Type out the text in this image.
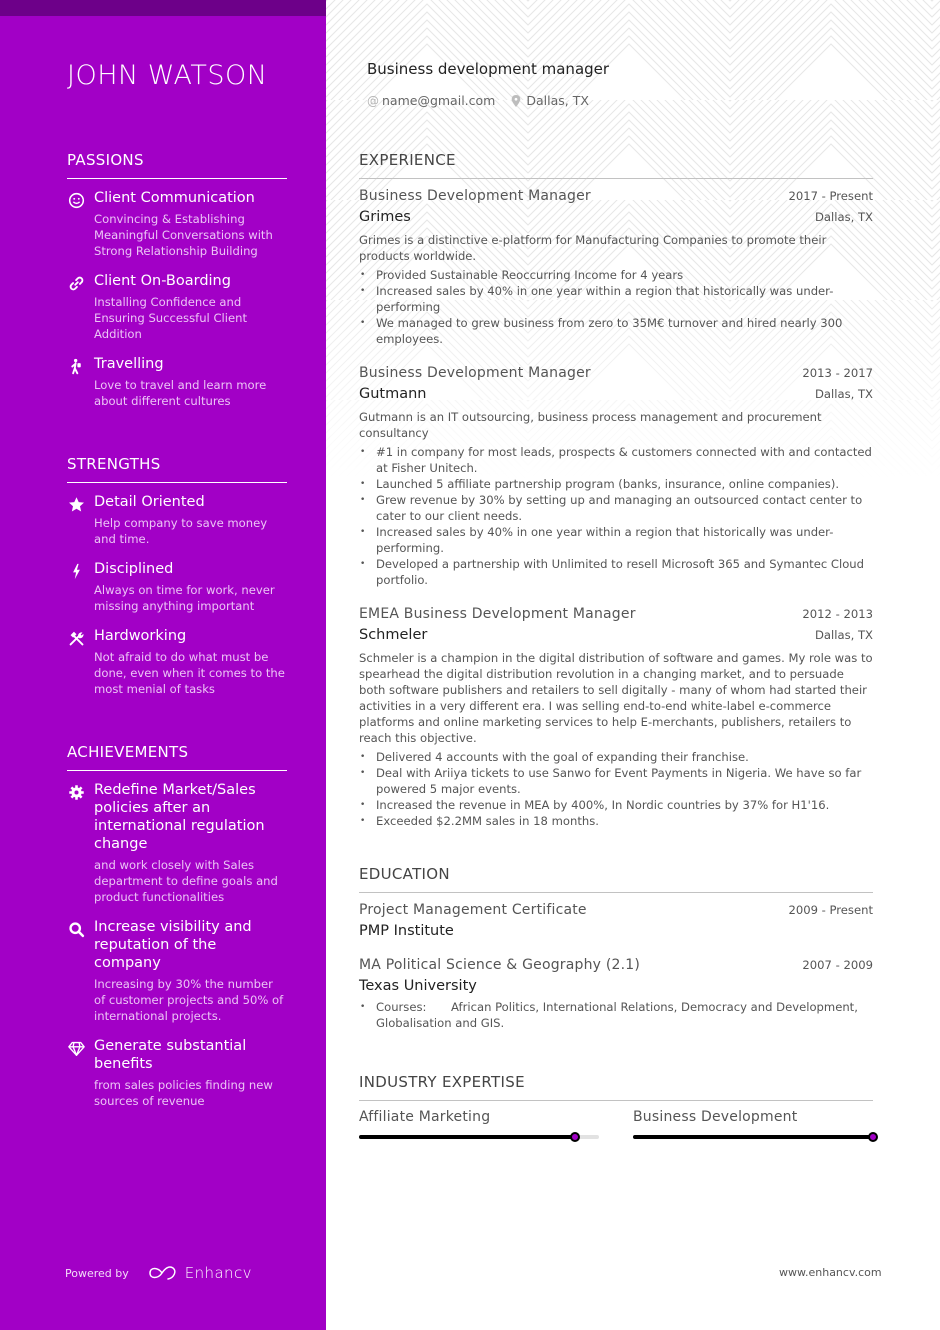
JOHN WATSON
PASSIONS
Client Communication
Convincing & Establishing Meaningful Conversations with Strong Relationship Building
Client On-Boarding
Installing Confidence and Ensuring Successful Client Addition
Travelling
Love to travel and learn more about different cultures
STRENGTHS
Detail Oriented
Help company to save money and time.
Disciplined
Always on time for work, never missing anything important
Hardworking
Not afraid to do what must be done, even when it comes to the most menial of tasks
ACHIEVEMENTS
Redefine Market/Sales policies after an international regulation change
and work closely with Sales department to define goals and product functionalities
Increase visibility and reputation of the company
Increasing by 30% the number of customer projects and 50% of international projects.
Generate substantial benefits
from sales policies finding new sources of revenue
Powered by	Enhancv
Business development manager
@ name@gmail.com Dallas, TX
EXPERIENCE
Business Development Manager	2017 - Present
Grimes	Dallas, TX
Grimes is a distinctive e-platform for Manufacturing Companies to promote their products worldwide.
• Provided Sustainable Reoccurring Income for 4 years
• Increased sales by 40% in one year within a region that historically was under-performing
• We managed to grew business from zero to 35M€ turnover and hired nearly 300 employees.
Business Development Manager	2013 - 2017
Gutmann	Dallas, TX
Gutmann is an IT outsourcing, business process management and procurement consultancy
• #1 in company for most leads, prospects & customers connected with and contacted at Fisher Unitech.
• Launched 5 affiliate partnership program (banks, insurance, online companies).
• Grew revenue by 30% by setting up and managing an outsourced contact center to cater to our client needs.
• Increased sales by 40% in one year within a region that historically was under-performing.
• Developed a partnership with Unlimited to resell Microsoft 365 and Symantec Cloud portfolio.
EMEA Business Development Manager	2012 - 2013
Schmeler	Dallas, TX
Schmeler is a champion in the digital distribution of software and games. My role was to spearhead the digital distribution revolution in a changing market, and to persuade both software publishers and retailers to sell digitally - many of whom had started their activities in a very different era. I was selling end-to-end white-label e-commerce platforms and online marketing services to help E-merchants, publishers, retailers to reach this objective.
• Delivered 4 accounts with the goal of expanding their franchise.
• Deal with Ariiya tickets to use Sanwo for Event Payments in Nigeria. We have so far powered 5 major events.
• Increased the revenue in MEA by 400%, In Nordic countries by 37% for H1'16.
• Exceeded $2.2MM sales in 18 months.
EDUCATION
Project Management Certificate	2009 - Present
PMP Institute
MA Political Science & Geography (2.1)	2007 - 2009
Texas University
• Courses: African Politics, International Relations, Democracy and Development, Globalisation and GIS.
INDUSTRY EXPERTISE
Affiliate Marketing	Business Development
www.enhancv.com
